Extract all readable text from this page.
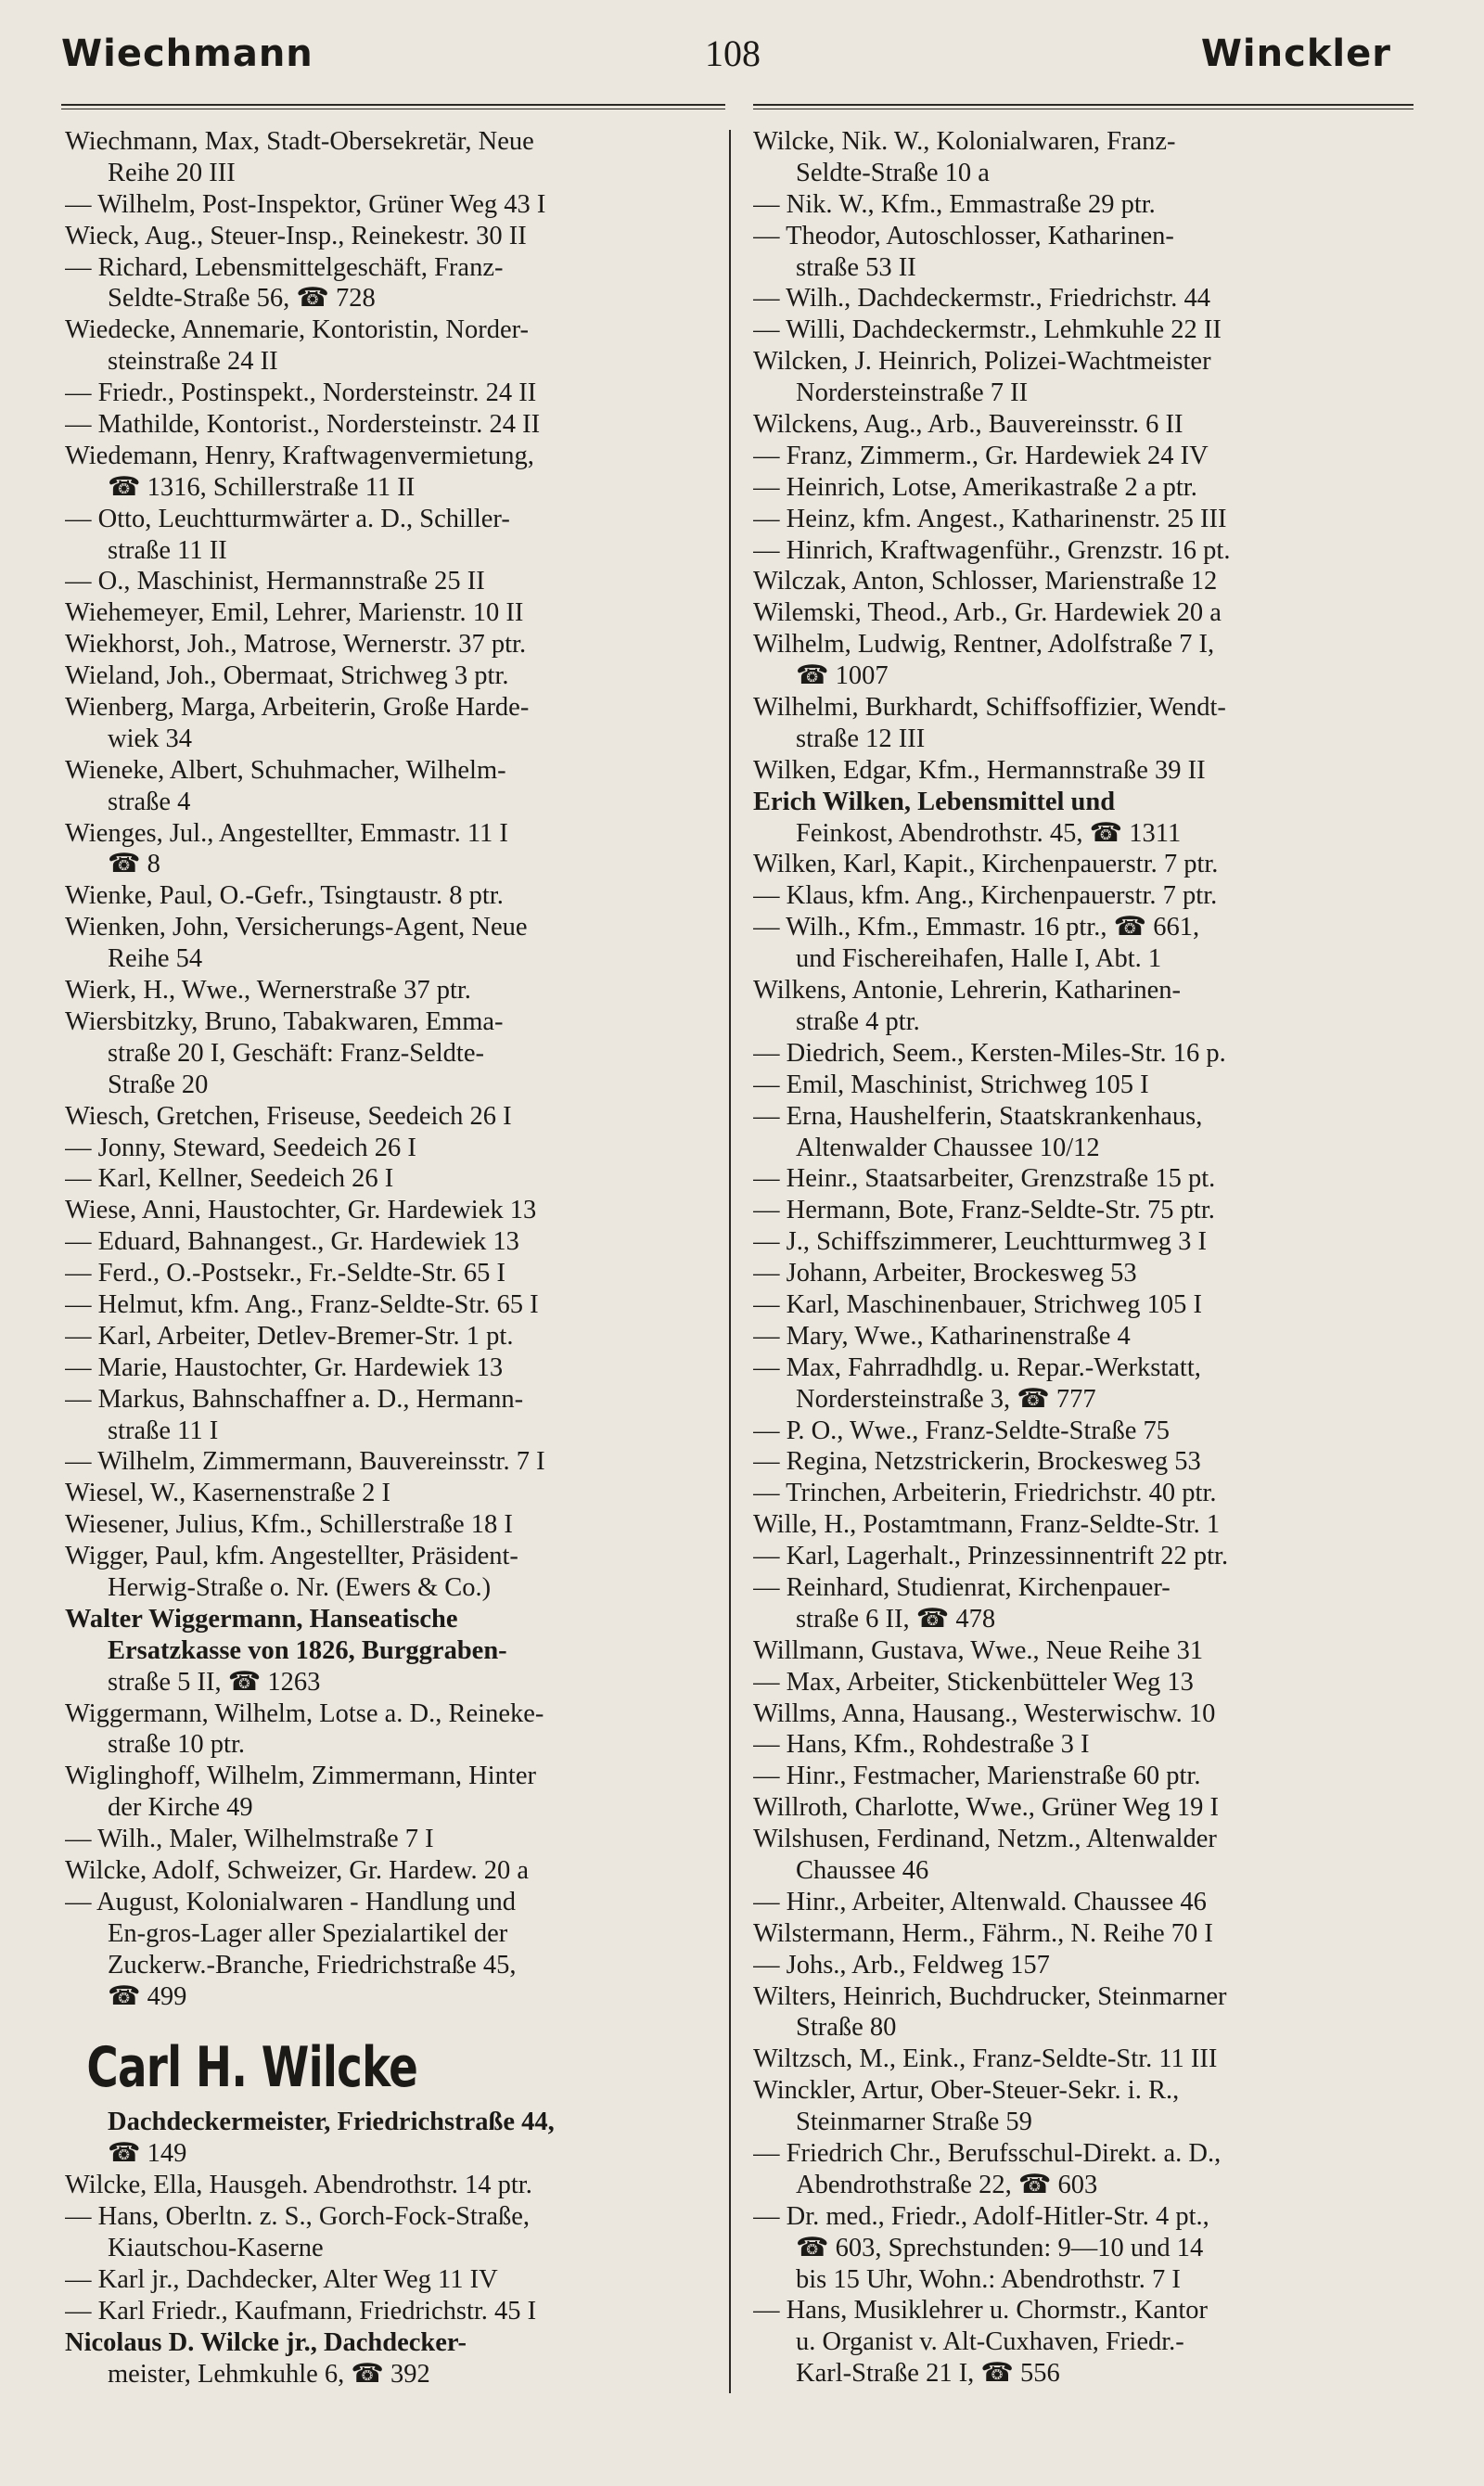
Wiechmann	108	Winckler
Wiechmann, Max, Stadt-Obersekretär, Neue
Reihe 20 III
— Wilhelm, Post-Inspektor, Grüner Weg 43 I
Wieck, Aug., Steuer-Insp., Reinekestr. 30 II
— Richard, Lebensmittelgeschäft, Franz-
Seldte-Straße 56, ☎ 728
Wiedecke, Annemarie, Kontoristin, Norder-
steinstraße 24 II
— Friedr., Postinspekt., Nordersteinstr. 24 II
— Mathilde, Kontorist., Nordersteinstr. 24 II
Wiedemann, Henry, Kraftwagenvermietung,
☎ 1316, Schillerstraße 11 II
— Otto, Leuchtturmwärter a. D., Schiller-
straße 11 II
— O., Maschinist, Hermannstraße 25 II
Wiehemeyer, Emil, Lehrer, Marienstr. 10 II
Wiekhorst, Joh., Matrose, Wernerstr. 37 ptr.
Wieland, Joh., Obermaat, Strichweg 3 ptr.
Wienberg, Marga, Arbeiterin, Große Harde-
wiek 34
Wieneke, Albert, Schuhmacher, Wilhelm-
straße 4
Wienges, Jul., Angestellter, Emmastr. 11 I
☎ 8
Wienke, Paul, O.-Gefr., Tsingtaustr. 8 ptr.
Wienken, John, Versicherungs-Agent, Neue
Reihe 54
Wierk, H., Wwe., Wernerstraße 37 ptr.
Wiersbitzky, Bruno, Tabakwaren, Emma-
straße 20 I, Geschäft: Franz-Seldte-
Straße 20
Wiesch, Gretchen, Friseuse, Seedeich 26 I
— Jonny, Steward, Seedeich 26 I
— Karl, Kellner, Seedeich 26 I
Wiese, Anni, Haustochter, Gr. Hardewiek 13
— Eduard, Bahnangest., Gr. Hardewiek 13
— Ferd., O.-Postsekr., Fr.-Seldte-Str. 65 I
— Helmut, kfm. Ang., Franz-Seldte-Str. 65 I
— Karl, Arbeiter, Detlev-Bremer-Str. 1 pt.
— Marie, Haustochter, Gr. Hardewiek 13
— Markus, Bahnschaffner a. D., Hermann-
straße 11 I
— Wilhelm, Zimmermann, Bauvereinsstr. 7 I
Wiesel, W., Kasernenstraße 2 I
Wiesener, Julius, Kfm., Schillerstraße 18 I
Wigger, Paul, kfm. Angestellter, Präsident-
Herwig-Straße o. Nr. (Ewers & Co.)
Walter Wiggermann, Hanseatische
Ersatzkasse von 1826, Burggraben-
straße 5 II, ☎ 1263
Wiggermann, Wilhelm, Lotse a. D., Reineke-
straße 10 ptr.
Wiglinghoff, Wilhelm, Zimmermann, Hinter
der Kirche 49
— Wilh., Maler, Wilhelmstraße 7 I
Wilcke, Adolf, Schweizer, Gr. Hardew. 20 a
— August, Kolonialwaren - Handlung und
En-gros-Lager aller Spezialartikel der
Zuckerw.-Branche, Friedrichstraße 45,
☎ 499
Carl H. Wilcke
Dachdeckermeister, Friedrichstraße 44,
☎ 149
Wilcke, Ella, Hausgeh. Abendrothstr. 14 ptr.
— Hans, Oberltn. z. S., Gorch-Fock-Straße,
Kiautschou-Kaserne
— Karl jr., Dachdecker, Alter Weg 11 IV
— Karl Friedr., Kaufmann, Friedrichstr. 45 I
Nicolaus D. Wilcke jr., Dachdecker-
meister, Lehmkuhle 6, ☎ 392
Wilcke, Nik. W., Kolonialwaren, Franz-
Seldte-Straße 10 a
— Nik. W., Kfm., Emmastraße 29 ptr.
— Theodor, Autoschlosser, Katharinen-
straße 53 II
— Wilh., Dachdeckermstr., Friedrichstr. 44
— Willi, Dachdeckermstr., Lehmkuhle 22 II
Wilcken, J. Heinrich, Polizei-Wachtmeister
Nordersteinstraße 7 II
Wilckens, Aug., Arb., Bauvereinsstr. 6 II
— Franz, Zimmerm., Gr. Hardewiek 24 IV
— Heinrich, Lotse, Amerikastraße 2 a ptr.
— Heinz, kfm. Angest., Katharinenstr. 25 III
— Hinrich, Kraftwagenführ., Grenzstr. 16 pt.
Wilczak, Anton, Schlosser, Marienstraße 12
Wilemski, Theod., Arb., Gr. Hardewiek 20 a
Wilhelm, Ludwig, Rentner, Adolfstraße 7 I,
☎ 1007
Wilhelmi, Burkhardt, Schiffsoffizier, Wendt-
straße 12 III
Wilken, Edgar, Kfm., Hermannstraße 39 II
Erich Wilken, Lebensmittel und
Feinkost, Abendrothstr. 45, ☎ 1311
Wilken, Karl, Kapit., Kirchenpauerstr. 7 ptr.
— Klaus, kfm. Ang., Kirchenpauerstr. 7 ptr.
— Wilh., Kfm., Emmastr. 16 ptr., ☎ 661,
und Fischereihafen, Halle I, Abt. 1
Wilkens, Antonie, Lehrerin, Katharinen-
straße 4 ptr.
— Diedrich, Seem., Kersten-Miles-Str. 16 p.
— Emil, Maschinist, Strichweg 105 I
— Erna, Haushelferin, Staatskrankenhaus,
Altenwalder Chaussee 10/12
— Heinr., Staatsarbeiter, Grenzstraße 15 pt.
— Hermann, Bote, Franz-Seldte-Str. 75 ptr.
— J., Schiffszimmerer, Leuchtturmweg 3 I
— Johann, Arbeiter, Brockesweg 53
— Karl, Maschinenbauer, Strichweg 105 I
— Mary, Wwe., Katharinenstraße 4
— Max, Fahrradhdlg. u. Repar.-Werkstatt,
Nordersteinstraße 3, ☎ 777
— P. O., Wwe., Franz-Seldte-Straße 75
— Regina, Netzstrickerin, Brockesweg 53
— Trinchen, Arbeiterin, Friedrichstr. 40 ptr.
Wille, H., Postamtmann, Franz-Seldte-Str. 1
— Karl, Lagerhalt., Prinzessinnentrift 22 ptr.
— Reinhard, Studienrat, Kirchenpauer-
straße 6 II, ☎ 478
Willmann, Gustava, Wwe., Neue Reihe 31
— Max, Arbeiter, Stickenbütteler Weg 13
Willms, Anna, Hausang., Westerwischw. 10
— Hans, Kfm., Rohdestraße 3 I
— Hinr., Festmacher, Marienstraße 60 ptr.
Willroth, Charlotte, Wwe., Grüner Weg 19 I
Wilshusen, Ferdinand, Netzm., Altenwalder
Chaussee 46
— Hinr., Arbeiter, Altenwald. Chaussee 46
Wilstermann, Herm., Fährm., N. Reihe 70 I
— Johs., Arb., Feldweg 157
Wilters, Heinrich, Buchdrucker, Steinmarner
Straße 80
Wiltzsch, M., Eink., Franz-Seldte-Str. 11 III
Winckler, Artur, Ober-Steuer-Sekr. i. R.,
Steinmarner Straße 59
— Friedrich Chr., Berufsschul-Direkt. a. D.,
Abendrothstraße 22, ☎ 603
— Dr. med., Friedr., Adolf-Hitler-Str. 4 pt.,
☎ 603, Sprechstunden: 9—10 und 14
bis 15 Uhr, Wohn.: Abendrothstr. 7 I
— Hans, Musiklehrer u. Chormstr., Kantor
u. Organist v. Alt-Cuxhaven, Friedr.-
Karl-Straße 21 I, ☎ 556
